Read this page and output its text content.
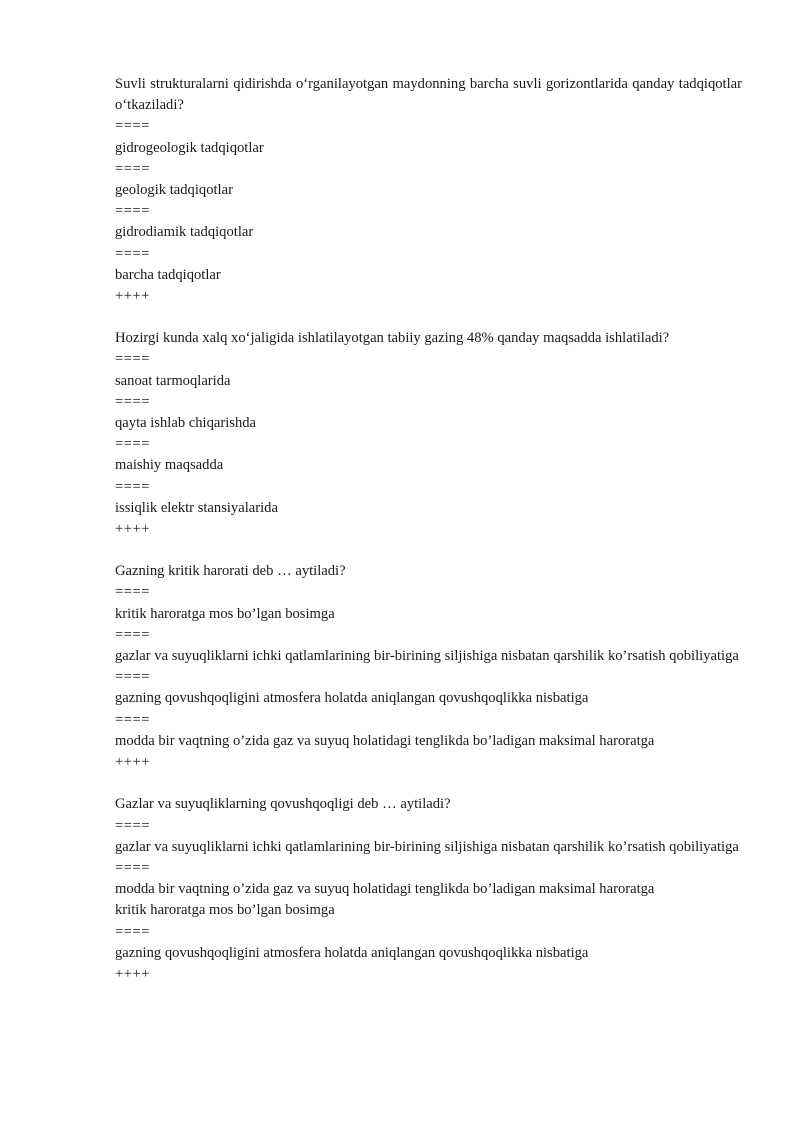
Suvli strukturalarni qidirishda o‘rganilayotgan maydonning barcha suvli gorizontlarida qanday tadqiqotlar o‘tkaziladi?
====
gidrogeologik tadqiqotlar
====
geologik tadqiqotlar
====
gidrodiamik tadqiqotlar
====
barcha tadqiqotlar
++++
Hozirgi kunda xalq xo‘jaligida ishlatilayotgan tabiiy gazing 48% qanday maqsadda ishlatiladi?
====
sanoat tarmoqlarida
====
qayta ishlab chiqarishda
====
maishiy maqsadda
====
issiqlik elektr stansiyalarida
++++
Gazning kritik harorati deb … aytiladi?
====
kritik haroratga mos bo’lgan bosimga
====
gazlar va suyuqliklarni ichki qatlamlarining bir-birining siljishiga nisbatan qarshilik ko’rsatish qobiliyatiga
====
gazning qovushqoqligini atmosfera holatda aniqlangan qovushqoqlikka nisbatiga
====
modda bir vaqtning o’zida gaz va suyuq holatidagi tenglikda bo’ladigan maksimal haroratga
++++
Gazlar va suyuqliklarning qovushqoqligi deb … aytiladi?
====
gazlar va suyuqliklarni ichki qatlamlarining bir-birining siljishiga nisbatan qarshilik ko’rsatish qobiliyatiga
====
modda bir vaqtning o’zida gaz va suyuq holatidagi tenglikda bo’ladigan maksimal haroratga
kritik haroratga mos bo’lgan bosimga
====
gazning qovushqoqligini atmosfera holatda aniqlangan qovushqoqlikka nisbatiga
++++
